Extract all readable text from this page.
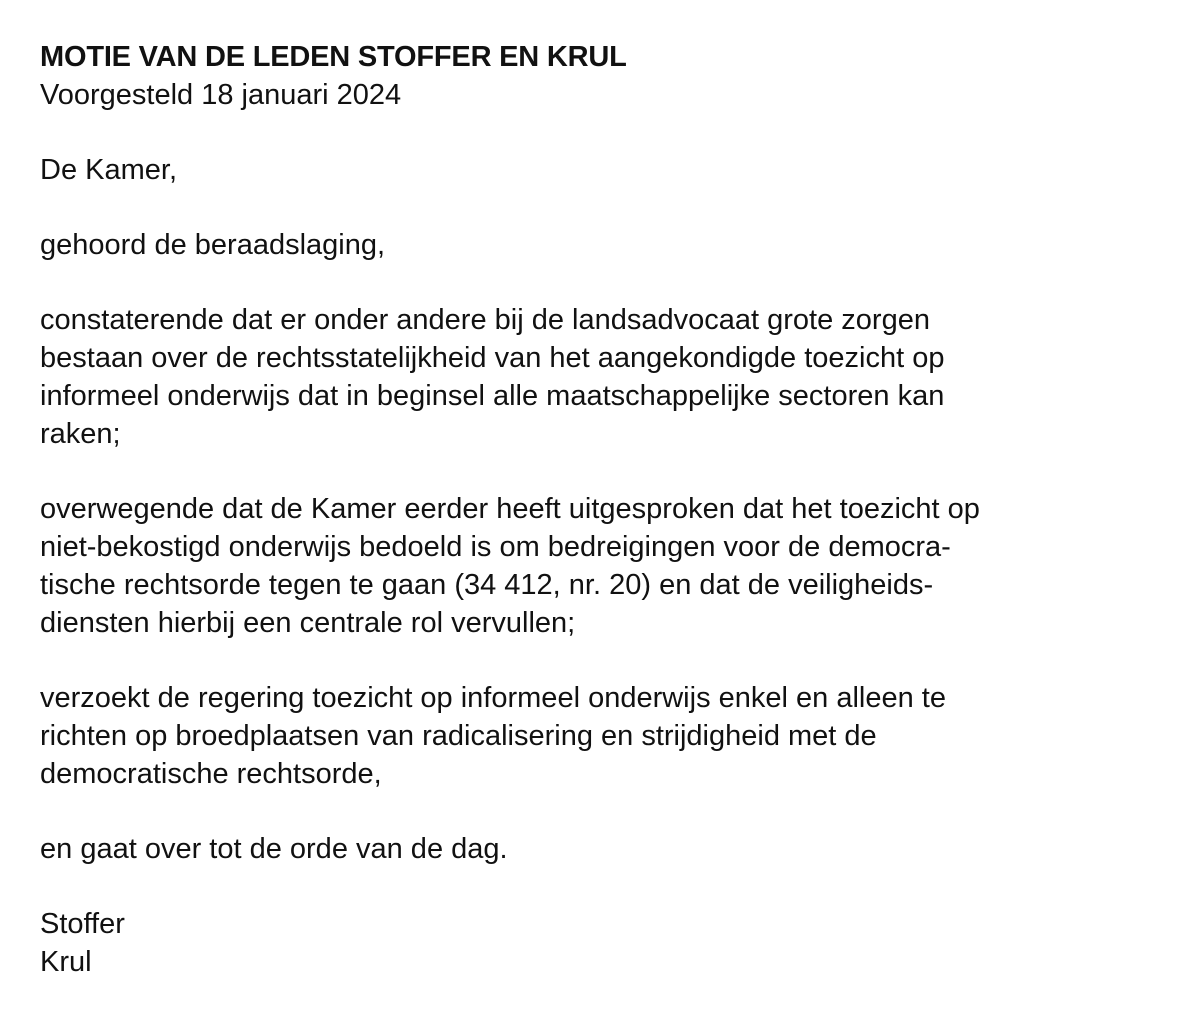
MOTIE VAN DE LEDEN STOFFER EN KRUL

Voorgesteld 18 januari 2024

De Kamer,

gehoord de beraadslaging,

constaterende dat er onder andere bij de landsadvocaat grote zorgen

bestaan over de rechtsstatelijkheid van het aangekondigde toezicht op

informeel onderwijs dat in beginsel alle maatschappelijke sectoren kan

raken;

overwegende dat de Kamer eerder heeft uitgesproken dat het toezicht op

niet-bekostigd onderwijs bedoeld is om bedreigingen voor de democra-

tische rechtsorde tegen te gaan (34 412, nr. 20) en dat de veiligheids-

diensten hierbij een centrale rol vervullen;

verzoekt de regering toezicht op informeel onderwijs enkel en alleen te

richten op broedplaatsen van radicalisering en strijdigheid met de

democratische rechtsorde,

en gaat over tot de orde van de dag.

Stoffer

Krul
